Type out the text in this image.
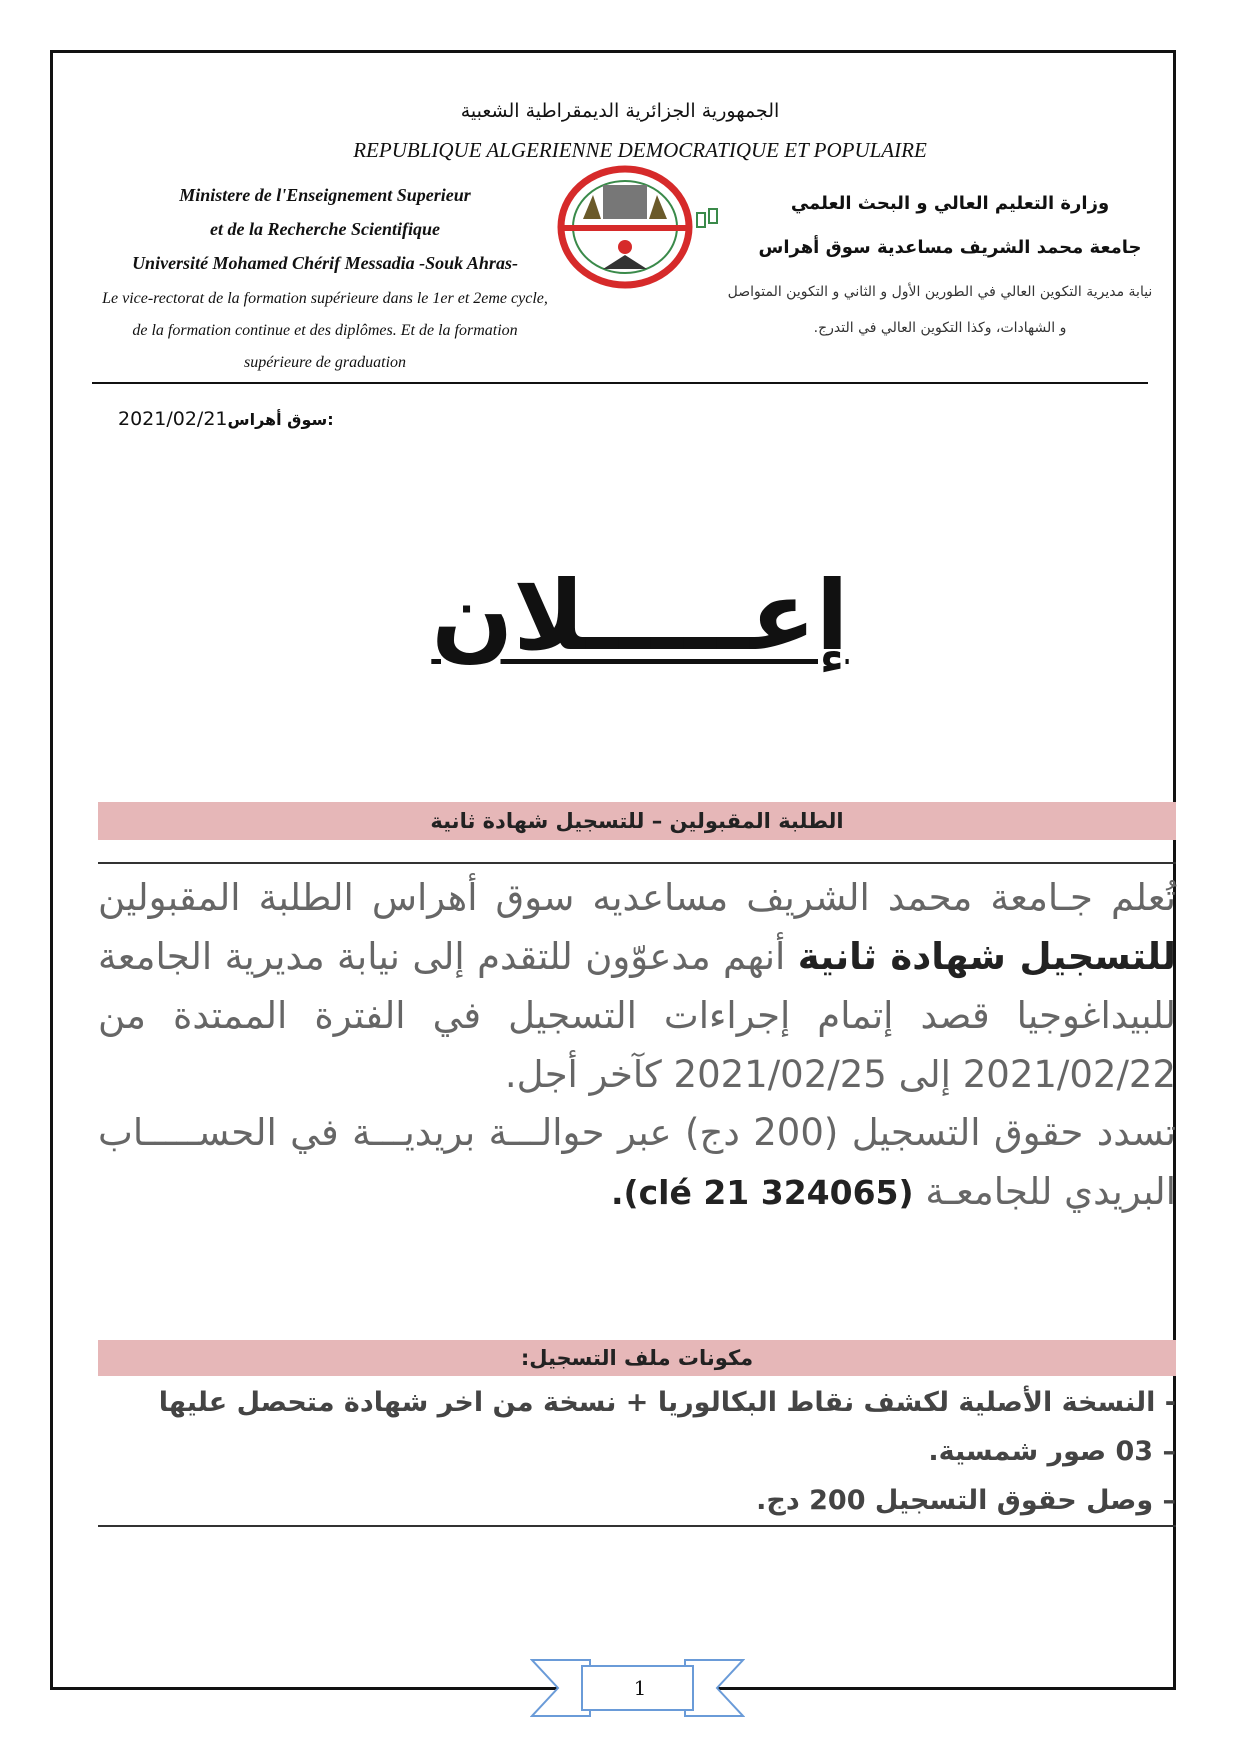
الجمهورية الجزائرية الديمقراطية الشعبية
REPUBLIQUE ALGERIENNE DEMOCRATIQUE ET POPULAIRE
Ministere de l'Enseignement Superieur
et de la Recherche Scientifique
Université Mohamed Chérif Messadia -Souk Ahras-
Le vice-rectorat de la formation supérieure dans le 1er et 2eme cycle,
de la formation continue et des diplômes. Et de la formation
supérieure de graduation
وزارة التعليم العالي و البحث العلمي
جامعة محمد الشريف مساعدية سوق أهراس
نيابة مديرية التكوين العالي في الطورين الأول و الثاني و التكوين المتواصل
و الشهادات، وكذا التكوين العالي في التدرج.
2021/02/21سوق أهراس:
إعـــــلان
الطلبة المقبولين – للتسجيل شهادة ثانية
تُعلم جـامعة محمد الشريف مساعديه سوق أهراس الطلبة المقبولين للتسجيل شهادة ثانية أنهم مدعوّون للتقدم إلى نيابة مديرية الجامعة للبيداغوجيا قصد إتمام إجراءات التسجيل في الفترة الممتدة من 2021/02/22 إلى 2021/02/25 كآخر أجل.
تسدد حقوق التسجيل (200 دج) عبر حوالـــة بريديـــة في الحســـــاب البريدي للجامعـة (324065 clé 21).
مكونات ملف التسجيل:
- النسخة الأصلية لكشف نقاط البكالوريا + نسخة من اخر شهادة متحصل عليها
– 03 صور شمسية.
– وصل حقوق التسجيل 200 دج.
1
